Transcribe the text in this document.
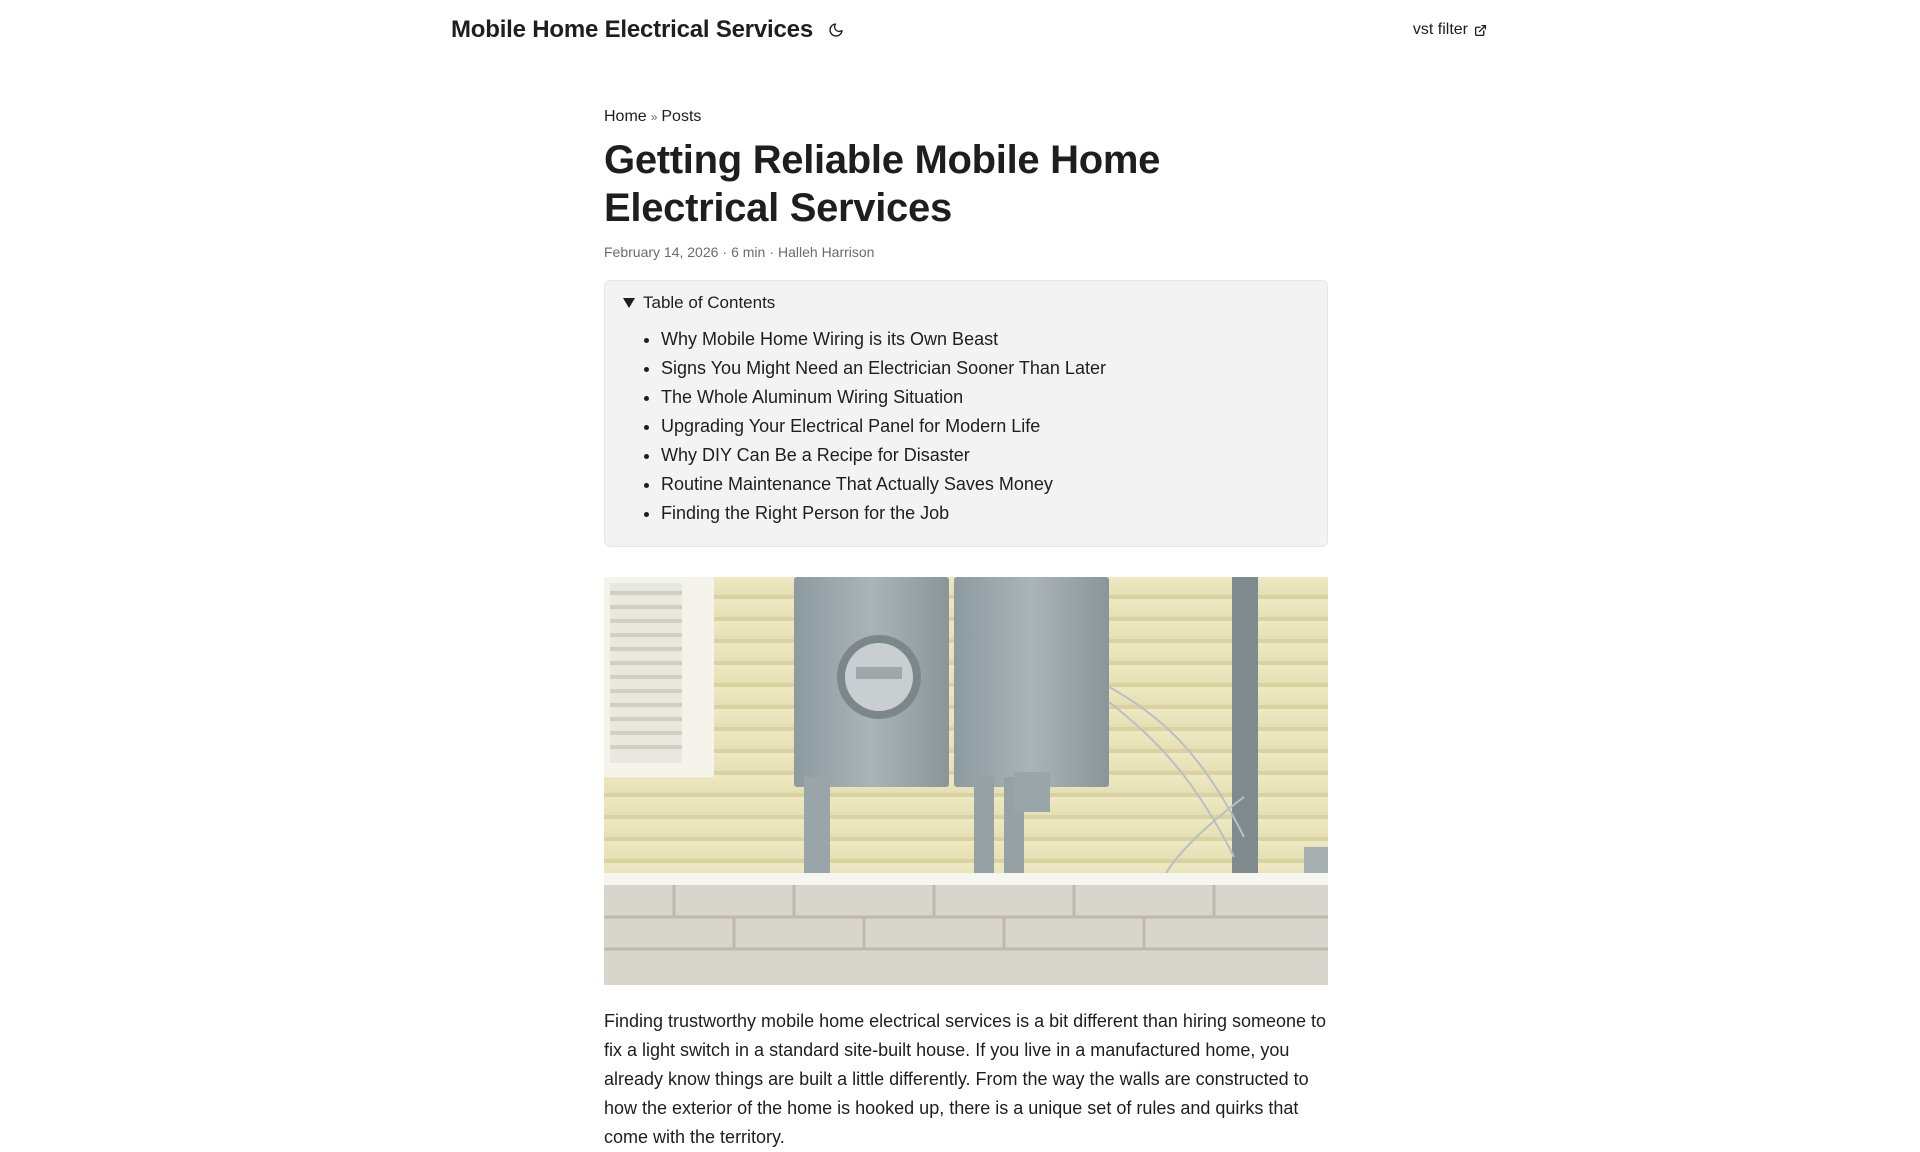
Mobile Home Electrical Services	vst filter
Home » Posts
Getting Reliable Mobile Home Electrical Services
February 14, 2026 · 6 min · Halleh Harrison
Table of Contents
• Why Mobile Home Wiring is its Own Beast
• Signs You Might Need an Electrician Sooner Than Later
• The Whole Aluminum Wiring Situation
• Upgrading Your Electrical Panel for Modern Life
• Why DIY Can Be a Recipe for Disaster
• Routine Maintenance That Actually Saves Money
• Finding the Right Person for the Job

Finding trustworthy mobile home electrical services is a bit different than hiring someone to fix a light switch in a standard site-built house. If you live in a manufactured home, you already know things are built a little differently. From the way the walls are constructed to how the exterior of the home is hooked up, there is a unique set of rules and quirks that come with the territory.
